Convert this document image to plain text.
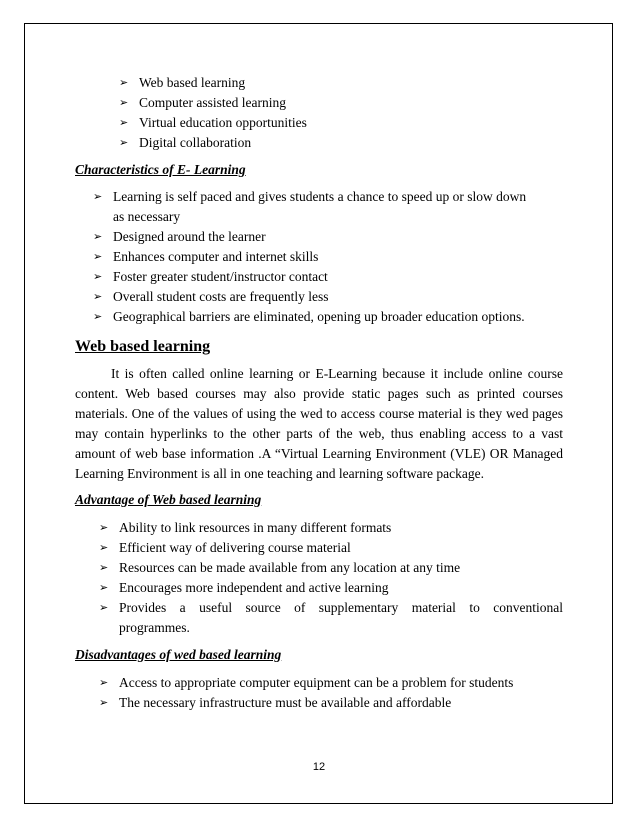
➢ Web based learning
➢ Computer assisted learning
➢ Virtual education opportunities
➢ Digital collaboration

Characteristics of E- Learning

➢ Learning is self paced and gives students a chance to speed up or slow down
as necessary
➢ Designed around the learner
➢ Enhances computer and internet skills
➢ Foster greater student/instructor contact
➢ Overall student costs are frequently less
➢ Geographical barriers are eliminated, opening up broader education options.

Web based learning

It is often called online learning or E-Learning because it include online course content. Web based courses may also provide static pages such as printed courses materials. One of the values of using the wed to access course material is they wed pages may contain hyperlinks to the other parts of the web, thus enabling access to a vast amount of web base information .A “Virtual Learning Environment (VLE) OR Managed Learning Environment is all in one teaching and learning software package.

Advantage of Web based learning

➢ Ability to link resources in many different formats
➢ Efficient way of delivering course material
➢ Resources can be made available from any location at any time
➢ Encourages more independent and active learning
➢ Provides a useful source of supplementary material to conventional
programmes.

Disadvantages of wed based learning

➢ Access to appropriate computer equipment can be a problem for students
➢ The necessary infrastructure must be available and affordable
12
